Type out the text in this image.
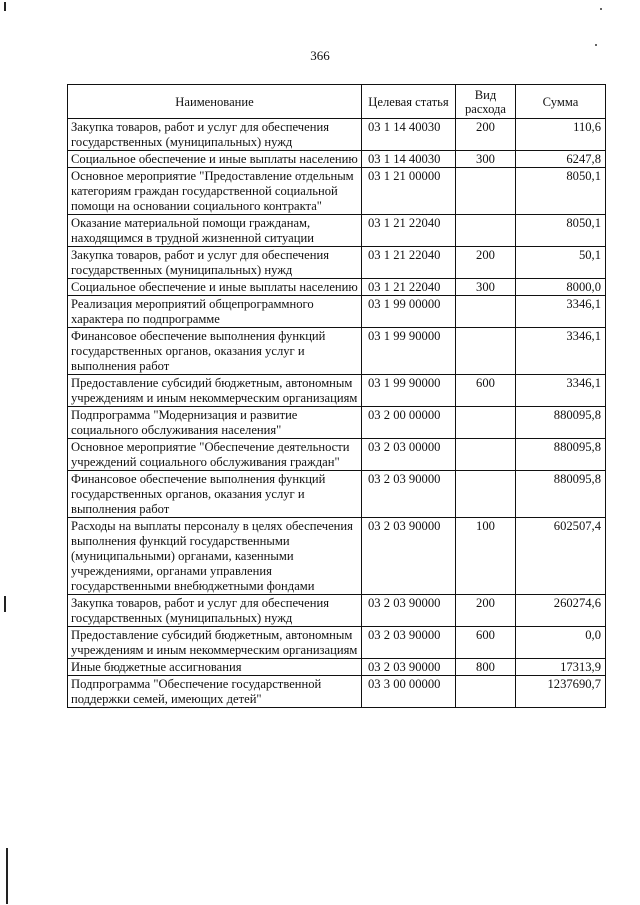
366
Наименование	Целевая статья	Вид расхода	Сумма
Закупка товаров, работ и услуг для обеспечения государственных (муниципальных) нужд	03 1 14 40030	200	110,6
Социальное обеспечение и иные выплаты населению	03 1 14 40030	300	6247,8
Основное мероприятие "Предоставление отдельным категориям граждан государственной социальной помощи на основании социального контракта"	03 1 21 00000		8050,1
Оказание материальной помощи гражданам, находящимся в трудной жизненной ситуации	03 1 21 22040		8050,1
Закупка товаров, работ и услуг для обеспечения государственных (муниципальных) нужд	03 1 21 22040	200	50,1
Социальное обеспечение и иные выплаты населению	03 1 21 22040	300	8000,0
Реализация мероприятий общепрограммного характера по подпрограмме	03 1 99 00000		3346,1
Финансовое обеспечение выполнения функций государственных органов, оказания услуг и выполнения работ	03 1 99 90000		3346,1
Предоставление субсидий бюджетным, автономным учреждениям и иным некоммерческим организациям	03 1 99 90000	600	3346,1
Подпрограмма "Модернизация и развитие социального обслуживания населения"	03 2 00 00000		880095,8
Основное мероприятие "Обеспечение деятельности учреждений социального обслуживания граждан"	03 2 03 00000		880095,8
Финансовое обеспечение выполнения функций государственных органов, оказания услуг и выполнения работ	03 2 03 90000		880095,8
Расходы на выплаты персоналу в целях обеспечения выполнения функций государственными (муниципальными) органами, казенными учреждениями, органами управления государственными внебюджетными фондами	03 2 03 90000	100	602507,4
Закупка товаров, работ и услуг для обеспечения государственных (муниципальных) нужд	03 2 03 90000	200	260274,6
Предоставление субсидий бюджетным, автономным учреждениям и иным некоммерческим организациям	03 2 03 90000	600	0,0
Иные бюджетные ассигнования	03 2 03 90000	800	17313,9
Подпрограмма "Обеспечение государственной поддержки семей, имеющих детей"	03 3 00 00000		1237690,7
